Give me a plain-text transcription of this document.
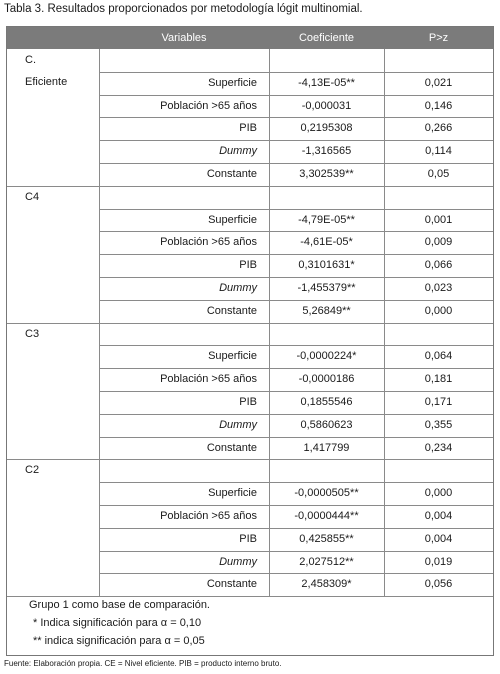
Tabla 3. Resultados proporcionados por metodología lógit multinomial.
Variables	Coeficiente	P>z
C. Eficiente	Superficie	-4,13E-05**	0,021
Población >65 años	-0,000031	0,146
PIB	0,2195308	0,266
Dummy	-1,316565	0,114
Constante	3,302539**	0,05
C4
Superficie	-4,79E-05**	0,001
Población >65 años	-4,61E-05*	0,009
PIB	0,3101631*	0,066
Dummy	-1,455379**	0,023
Constante	5,26849**	0,000
C3
Superficie	-0,0000224*	0,064
Población >65 años	-0,0000186	0,181
PIB	0,1855546	0,171
Dummy	0,5860623	0,355
Constante	1,417799	0,234
C2
Superficie	-0,0000505**	0,000
Población >65 años	-0,0000444**	0,004
PIB	0,425855**	0,004
Dummy	2,027512**	0,019
Constante	2,458309*	0,056
Grupo 1 como base de comparación.
* Indica significación para α = 0,10
** indica significación para α = 0,05
Fuente: Elaboración propia. CE = Nivel eficiente. PIB = producto interno bruto.
